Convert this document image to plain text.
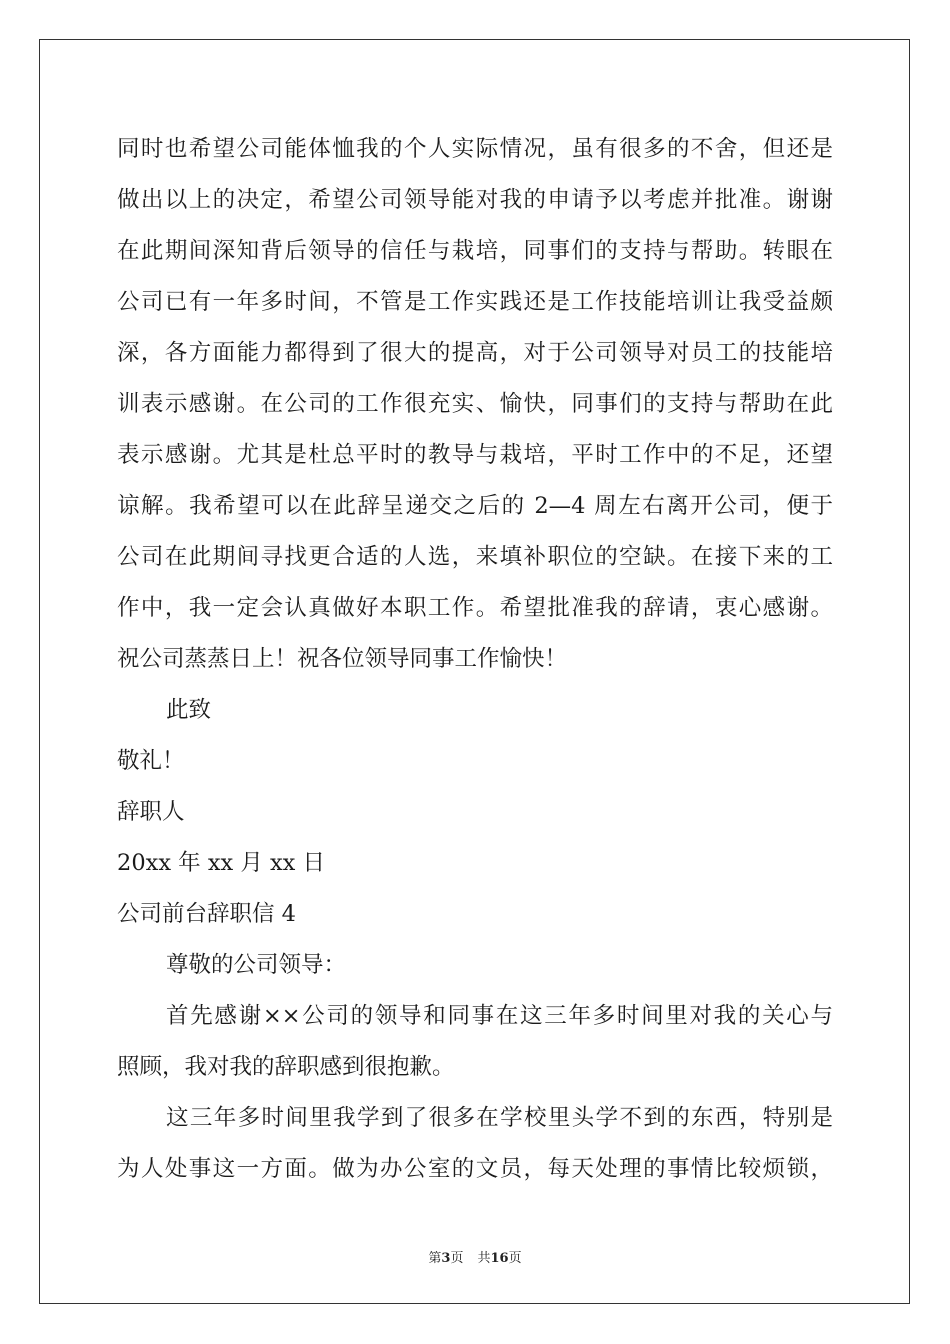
同时也希望公司能体恤我的个人实际情况，虽有很多的不舍，但还是
做出以上的决定，希望公司领导能对我的申请予以考虑并批准。谢谢
在此期间深知背后领导的信任与栽培，同事们的支持与帮助。转眼在
公司已有一年多时间，不管是工作实践还是工作技能培训让我受益颇
深，各方面能力都得到了很大的提高，对于公司领导对员工的技能培
训表示感谢。在公司的工作很充实、愉快，同事们的支持与帮助在此
表示感谢。尤其是杜总平时的教导与栽培，平时工作中的不足，还望
谅解。我希望可以在此辞呈递交之后的 2—4 周左右离开公司，便于
公司在此期间寻找更合适的人选，来填补职位的空缺。在接下来的工
作中，我一定会认真做好本职工作。希望批准我的辞请，衷心感谢。
祝公司蒸蒸日上！祝各位领导同事工作愉快！
此致
敬礼！
辞职人
20xx 年 xx 月 xx 日
公司前台辞职信 4
尊敬的公司领导：
首先感谢××公司的领导和同事在这三年多时间里对我的关心与
照顾，我对我的辞职感到很抱歉。
这三年多时间里我学到了很多在学校里头学不到的东西，特别是
为人处事这一方面。做为办公室的文员，每天处理的事情比较烦锁，
第3页 共16页
